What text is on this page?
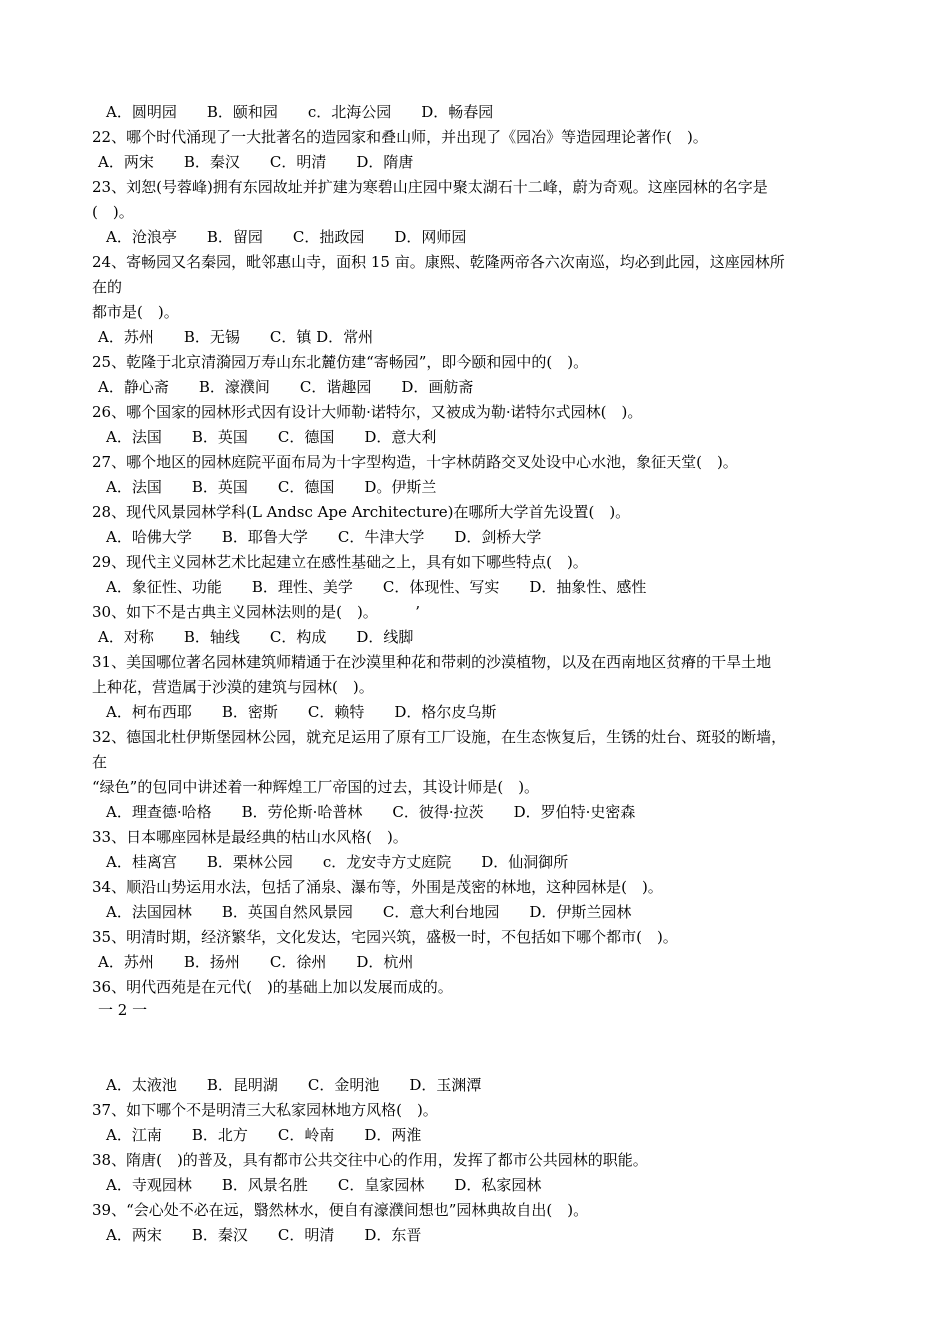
A．圆明园　　B．颐和园　　c．北海公园　　D．畅春园
22、哪个时代涌现了一大批著名的造园家和叠山师，并出现了《园冶》等造园理论著作(　)。
A．两宋　　B．秦汉　　C．明清　　D．隋唐
23、刘恕(号蓉峰)拥有东园故址并扩建为寒碧山庄园中聚太湖石十二峰，蔚为奇观。这座园林的名字是
(　)。
A．沧浪亭　　B．留园　　C．拙政园　　D．网师园
24、寄畅园又名秦园，毗邻惠山寺，面积 15 亩。康熙、乾隆两帝各六次南巡，均必到此园，这座园林所
在的
都市是(　)。
A．苏州　　B．无锡　　C．镇 D．常州
25、乾隆于北京清漪园万寿山东北麓仿建“寄畅园”，即今颐和园中的(　)。
A．静心斋　　B．濠濮间　　C．谐趣园　　D．画舫斋
26、哪个国家的园林形式因有设计大师勒·诺特尔，又被成为勒·诺特尔式园林(　)。
A．法国　　B．英国　　C．德国　　D．意大利
27、哪个地区的园林庭院平面布局为十字型构造，十字林荫路交叉处设中心水池，象征天堂(　)。
A．法国　　B．英国　　C．德国　　D。伊斯兰
28、现代风景园林学科(L Andsc Ape Architecture)在哪所大学首先设置(　)。
A．哈佛大学　　B．耶鲁大学　　C．牛津大学　　D．剑桥大学
29、现代主义园林艺术比起建立在感性基础之上，具有如下哪些特点(　)。
A．象征性、功能　　B．理性、美学　　C．体现性、写实　　D．抽象性、感性
30、如下不是古典主义园林法则的是(　)。　　　’
A．对称　　B．轴线　　C．构成　　D．线脚
31、美国哪位著名园林建筑师精通于在沙漠里种花和带刺的沙漠植物，以及在西南地区贫瘠的干旱土地
上种花，营造属于沙漠的建筑与园林(　)。
A．柯布西耶　　B．密斯　　C．赖特　　D．格尔皮乌斯
32、德国北杜伊斯堡园林公园，就充足运用了原有工厂设施，在生态恢复后，生锈的灶台、斑驳的断墙，
在
“绿色”的包同中讲述着一种辉煌工厂帝国的过去，其设计师是(　)。
A．理查德·哈格　　B．劳伦斯·哈普林　　C．彼得·拉茨　　D．罗伯特·史密森
33、日本哪座园林是最经典的枯山水风格(　)。
A．桂离宫　　B．栗林公园　　c．龙安寺方丈庭院　　D．仙洞御所
34、顺沿山势运用水法，包括了涌泉、瀑布等，外围是茂密的林地，这种园林是(　)。
A．法国园林　　B．英国自然风景园　　C．意大利台地园　　D．伊斯兰园林
35、明清时期，经济繁华，文化发达，宅园兴筑，盛极一时，不包括如下哪个都市(　)。
A．苏州　　B．扬州　　C．徐州　　D．杭州
36、明代西苑是在元代(　)的基础上加以发展而成的。
A．太液池　　B．昆明湖　　C．金明池　　D．玉渊潭
37、如下哪个不是明清三大私家园林地方风格(　)。
A．江南　　B．北方　　C．岭南　　D．两淮
38、隋唐(　)的普及，具有都市公共交往中心的作用，发挥了都市公共园林的职能。
A．寺观园林　　B．风景名胜　　C．皇家园林　　D．私家园林
39、“会心处不必在远，翳然林水，便自有濠濮间想也”园林典故自出(　)。
A．两宋　　B．秦汉　　C．明清　　D．东晋
一 2 一
